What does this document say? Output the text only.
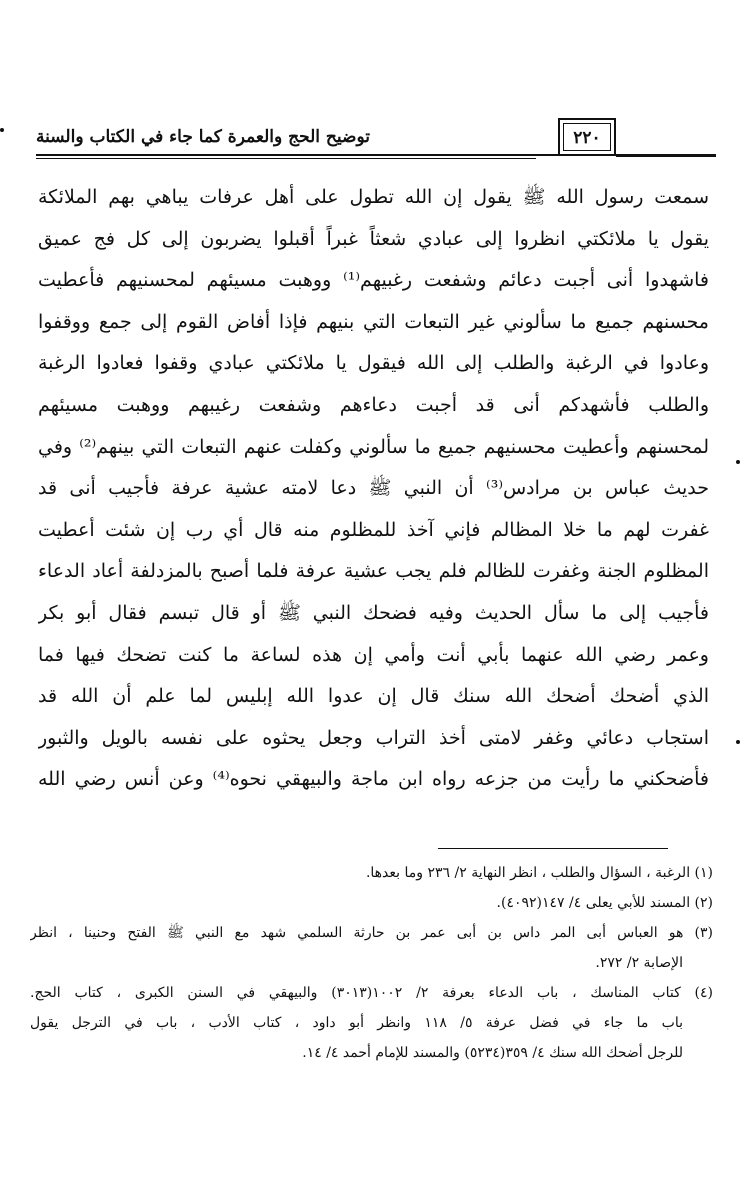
توضيح الحج والعمرة كما جاء في الكتاب والسنة	٢٢٠
سمعت رسول الله ﷺ يقول إن الله تطول على أهل عرفات يباهي بهم الملائكة
يقول يا ملائكتي انظروا إلى عبادي شعثاً غبراً أقبلوا يضربون إلى كل فج عميق
فاشهدوا أنى أجبت دعائم وشفعت رغبيهم⁽¹⁾ ووهبت مسيئهم لمحسنيهم فأعطيت
محسنهم جميع ما سألوني غير التبعات التي بنيهم فإذا أفاض القوم إلى جمع ووقفوا
وعادوا في الرغبة والطلب إلى الله فيقول يا ملائكتي عبادي وقفوا فعادوا الرغبة
والطلب فأشهدكم أنى قد أجبت دعاءهم وشفعت رغيبهم ووهبت مسيئهم
لمحسنهم وأعطيت محسنيهم جميع ما سألوني وكفلت عنهم التبعات التي بينهم⁽²⁾ وفي
حديث عباس بن مرادس⁽³⁾ أن النبي ﷺ دعا لامته عشية عرفة فأجيب أنى قد
غفرت لهم ما خلا المظالم فإني آخذ للمظلوم منه قال أي رب إن شئت أعطيت
المظلوم الجنة وغفرت للظالم فلم يجب عشية عرفة فلما أصبح بالمزدلفة أعاد الدعاء
فأجيب إلى ما سأل الحديث وفيه فضحك النبي ﷺ أو قال تبسم فقال أبو بكر
وعمر رضي الله عنهما بأبي أنت وأمي إن هذه لساعة ما كنت تضحك فيها فما
الذي أضحك أضحك الله سنك قال إن عدوا الله إبليس لما علم أن الله قد
استجاب دعائي وغفر لامتى أخذ التراب وجعل يحثوه على نفسه بالويل والثبور
فأضحكني ما رأيت من جزعه رواه ابن ماجة والبيهقي نحوه⁽⁴⁾ وعن أنس رضي الله
(١) الرغبة ، السؤال والطلب ، انظر النهاية ٢/ ٢٣٦ وما بعدها.
(٢) المسند للأبي يعلى ٤/ ١٤٧(٤٠٩٢).
(٣) هو العباس أبى المر داس بن أبى عمر بن حارثة السلمي شهد مع النبي ﷺ الفتح وحنينا ، انظر
الإصابة ٢/ ٢٧٢.
(٤) كتاب المناسك ، باب الدعاء بعرفة ٢/ ١٠٠٢(٣٠١٣) والبيهقي في السنن الكبرى ، كتاب الحج.
باب ما جاء في فضل عرفة ٥/ ١١٨ وانظر أبو داود ، كتاب الأدب ، باب في الترجل يقول
للرجل أضحك الله سنك ٤/ ٣٥٩(٥٢٣٤) والمسند للإمام أحمد ٤/ ١٤.
